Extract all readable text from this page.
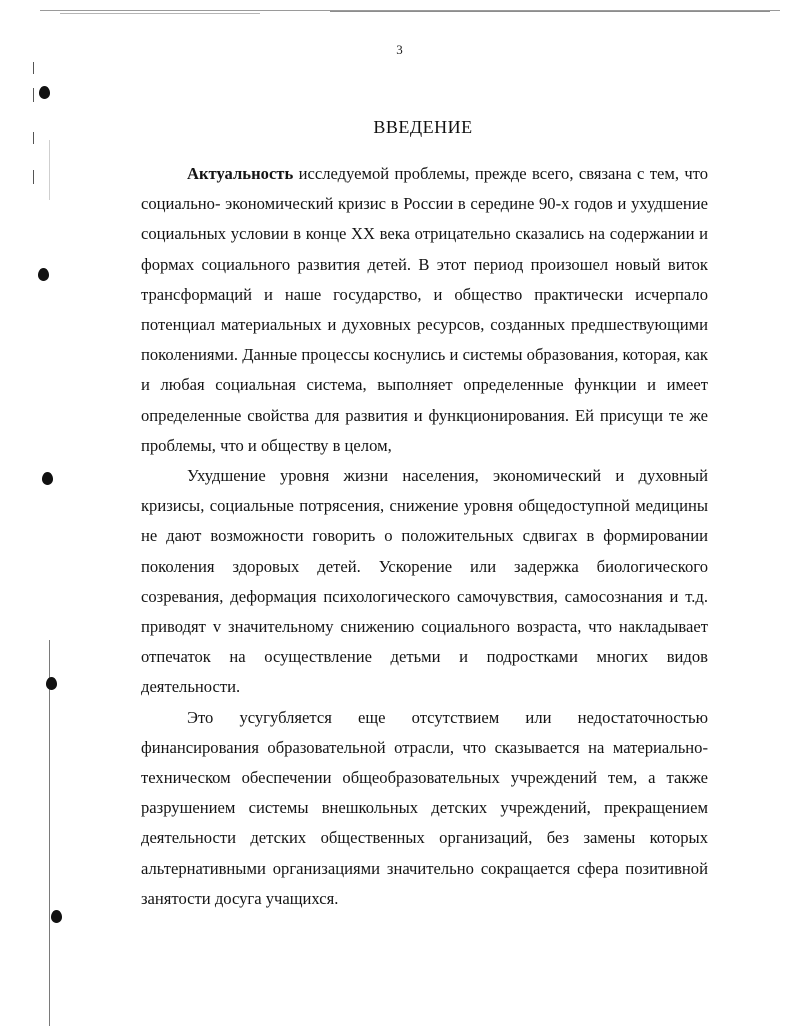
3
ВВЕДЕНИЕ

Актуальность исследуемой проблемы, прежде всего, связана с тем, что социально- экономический кризис в России в середине 90-х годов и ухудшение социальных условии в конце XX века отрицательно сказались на содержании и формах социального развития детей. В этот период произошел новый виток трансформаций и наше государство, и общество практически исчерпало потенциал материальных и духовных ресурсов, созданных предшествующими поколениями. Данные процессы коснулись и системы образования, которая, как и любая социальная система, выполняет определенные функции и имеет определенные свойства для развития и функционирования. Ей присущи те же проблемы, что и обществу в целом,

Ухудшение уровня жизни населения, экономический и духовный кризисы, социальные потрясения, снижение уровня общедоступной медицины не дают возможности говорить о положительных сдвигах в формировании поколения здоровых детей. Ускорение или задержка биологического созревания, деформация психологического самочувствия, самосознания и т.д. приводят v значительному снижению социального возраста, что накладывает отпечаток на осуществление детьми и подростками многих видов деятельности.

Это усугубляется еще отсутствием или недостаточностью финансирования образовательной отрасли, что сказывается на материально-техническом обеспечении общеобразовательных учреждений тем, а также разрушением системы внешкольных детских учреждений, прекращением деятельности детских общественных организаций, без замены которых альтернативными организациями значительно сокращается сфера позитивной занятости досуга учащихся.
